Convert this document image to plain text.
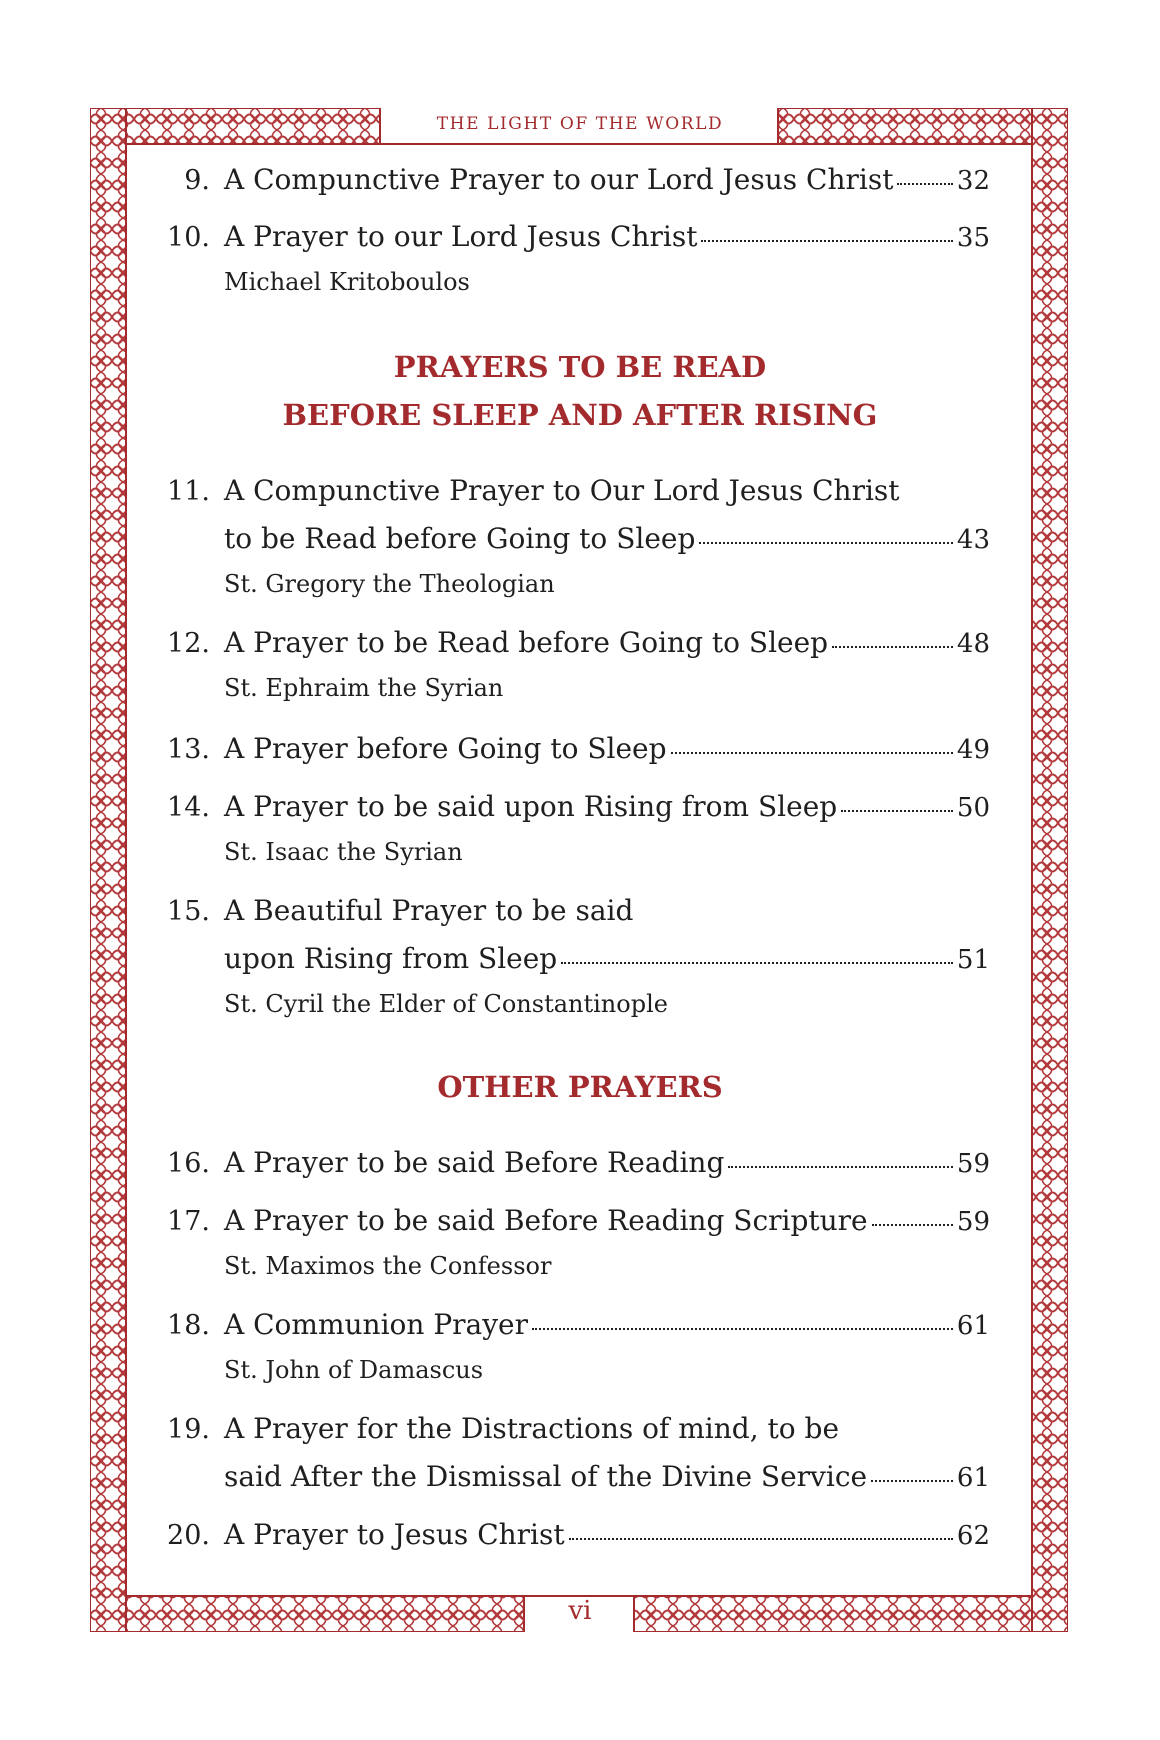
THE LIGHT OF THE WORLD
9. A Compunctive Prayer to our Lord Jesus Christ 32
10. A Prayer to our Lord Jesus Christ	35
Michael Kritoboulos
PRAYERS TO BE READ
BEFORE SLEEP AND AFTER RISING
11. A Compunctive Prayer to Our Lord Jesus Christ
to be Read before Going to Sleep	43
St. Gregory the Theologian
12. A Prayer to be Read before Going to Sleep	48
St. Ephraim the Syrian
13. A Prayer before Going to Sleep	49
14. A Prayer to be said upon Rising from Sleep	50
St. Isaac the Syrian
15. A Beautiful Prayer to be said
upon Rising from Sleep	51
St. Cyril the Elder of Constantinople
OTHER PRAYERS
16. A Prayer to be said Before Reading	59
17. A Prayer to be said Before Reading Scripture	59
St. Maximos the Confessor
18. A Communion Prayer	61
St. John of Damascus
19. A Prayer for the Distractions of mind, to be
said After the Dismissal of the Divine Service	61
20. A Prayer to Jesus Christ	62
vi
